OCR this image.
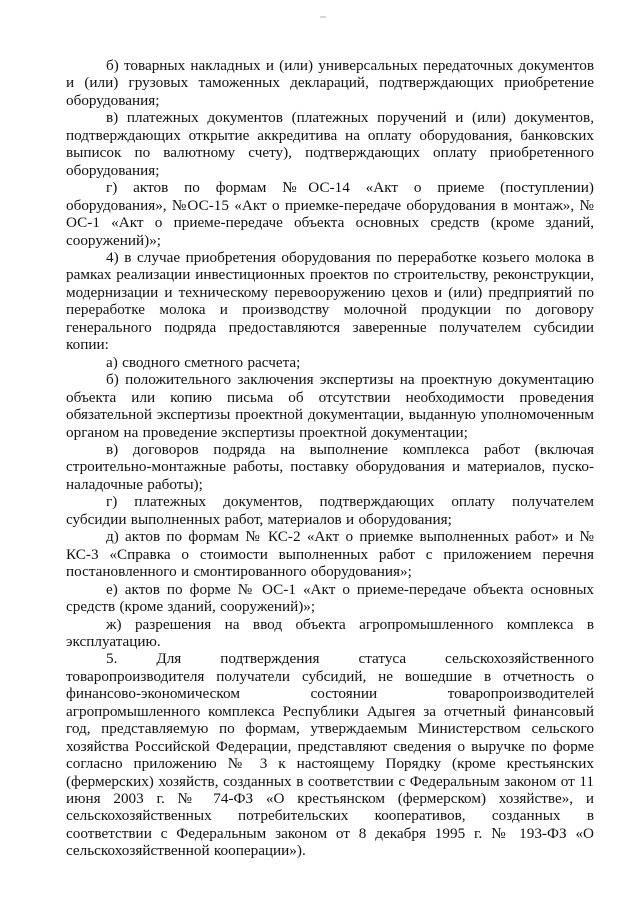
б) товарных накладных и (или) универсальных передаточных документов и (или) грузовых таможенных деклараций, подтверждающих приобретение оборудования;

в) платежных документов (платежных поручений и (или) документов, подтверждающих открытие аккредитива на оплату оборудования, банковских выписок по валютному счету), подтверждающих оплату приобретенного оборудования;

г) актов по формам №ОС-14 «Акт о приеме (поступлении) оборудования», №ОС-15 «Акт о приемке-передаче оборудования в монтаж», № ОС-1 «Акт о приеме-передаче объекта основных средств (кроме зданий, сооружений)»;

4) в случае приобретения оборудования по переработке козьего молока в рамках реализации инвестиционных проектов по строительству, реконструкции, модернизации и техническому перевооружению цехов и (или) предприятий по переработке молока и производству молочной продукции по договору генерального подряда предоставляются заверенные получателем субсидии копии:

а) сводного сметного расчета;

б) положительного заключения экспертизы на проектную документацию объекта или копию письма об отсутствии необходимости проведения обязательной экспертизы проектной документации, выданную уполномоченным органом на проведение экспертизы проектной документации;

в) договоров подряда на выполнение комплекса работ (включая строительно-монтажные работы, поставку оборудования и материалов, пуско-наладочные работы);

г) платежных документов, подтверждающих оплату получателем субсидии выполненных работ, материалов и оборудования;

д) актов по формам № КС-2 «Акт о приемке выполненных работ» и № КС-3 «Справка о стоимости выполненных работ с приложением перечня постановленного и смонтированного оборудования»;

е) актов по форме № ОС-1 «Акт о приеме-передаче объекта основных средств (кроме зданий, сооружений)»;

ж) разрешения на ввод объекта агропромышленного комплекса в эксплуатацию.

5. Для подтверждения статуса сельскохозяйственного товаропроизводителя получатели субсидий, не вошедшие в отчетность о финансово-экономическом состоянии товаропроизводителей агропромышленного комплекса Республики Адыгея за отчетный финансовый год, представляемую по формам, утверждаемым Министерством сельского хозяйства Российской Федерации, представляют сведения о выручке по форме согласно приложению № 3 к настоящему Порядку (кроме крестьянских (фермерских) хозяйств, созданных в соответствии с Федеральным законом от 11 июня 2003 г. № 74-ФЗ «О крестьянском (фермерском) хозяйстве», и сельскохозяйственных потребительских кооперативов, созданных в соответствии с Федеральным законом от 8 декабря 1995 г. № 193-ФЗ «О сельскохозяйственной кооперации»).
